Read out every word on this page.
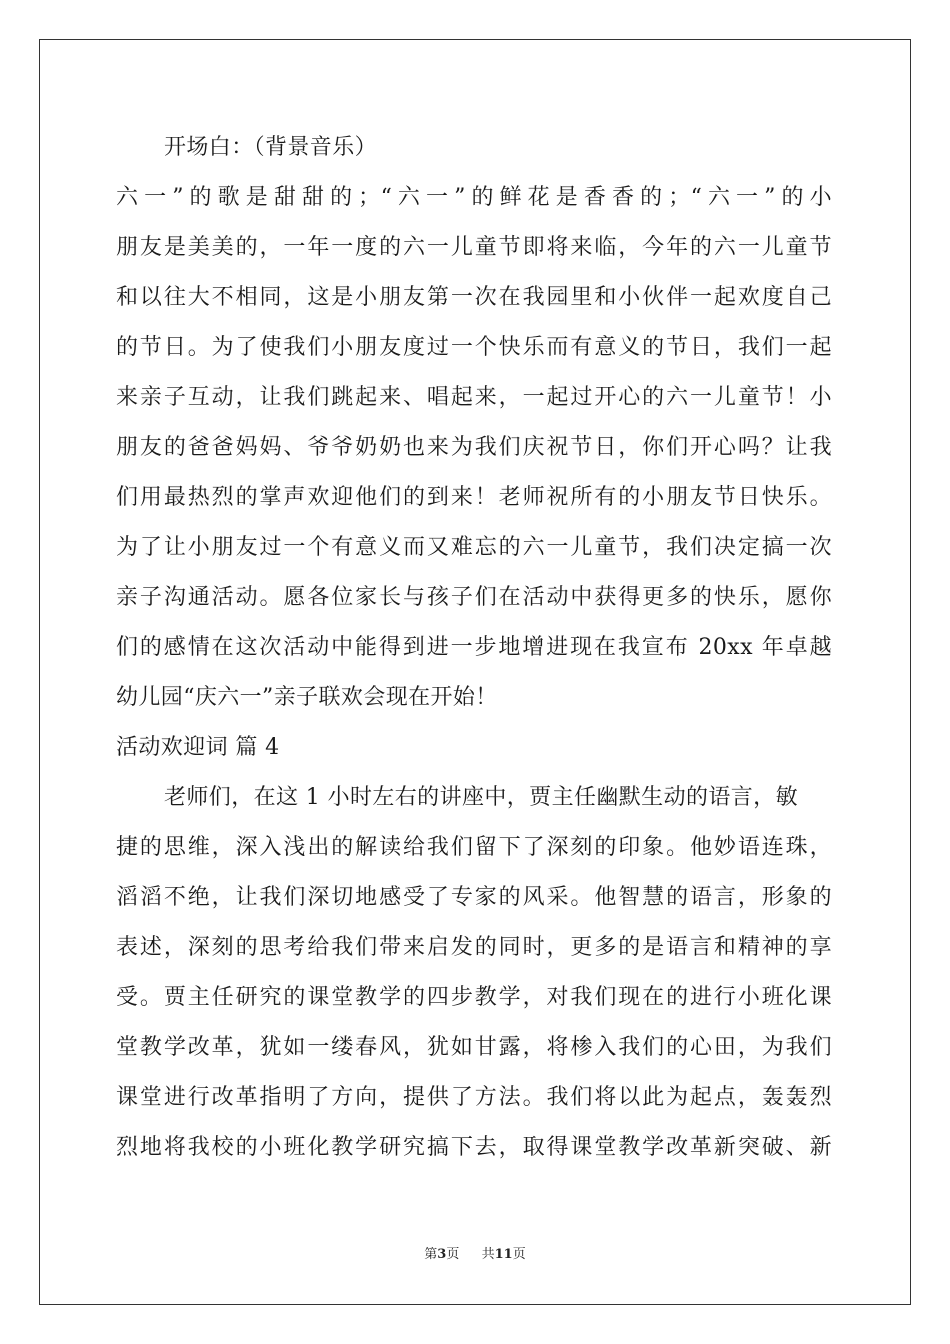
开场白：（背景音乐）
六一”的歌是甜甜的；“六一”的鲜花是香香的；“六一”的小
朋友是美美的，一年一度的六一儿童节即将来临，今年的六一儿童节
和以往大不相同，这是小朋友第一次在我园里和小伙伴一起欢度自己
的节日。为了使我们小朋友度过一个快乐而有意义的节日，我们一起
来亲子互动，让我们跳起来、唱起来，一起过开心的六一儿童节！小
朋友的爸爸妈妈、爷爷奶奶也来为我们庆祝节日，你们开心吗？让我
们用最热烈的掌声欢迎他们的到来！老师祝所有的小朋友节日快乐。
为了让小朋友过一个有意义而又难忘的六一儿童节，我们决定搞一次
亲子沟通活动。愿各位家长与孩子们在活动中获得更多的快乐，愿你
们的感情在这次活动中能得到进一步地增进现在我宣布 20xx 年卓越
幼儿园“庆六一”亲子联欢会现在开始！
活动欢迎词 篇 4
老师们，在这 1 小时左右的讲座中，贾主任幽默生动的语言，敏
捷的思维，深入浅出的解读给我们留下了深刻的印象。他妙语连珠，
滔滔不绝，让我们深切地感受了专家的风采。他智慧的语言，形象的
表述，深刻的思考给我们带来启发的同时，更多的是语言和精神的享
受。贾主任研究的课堂教学的四步教学，对我们现在的进行小班化课
堂教学改革，犹如一缕春风，犹如甘露，将椮入我们的心田，为我们
课堂进行改革指明了方向，提供了方法。我们将以此为起点，轰轰烈
烈地将我校的小班化教学研究搞下去，取得课堂教学改革新突破、新
第3页 共11页
